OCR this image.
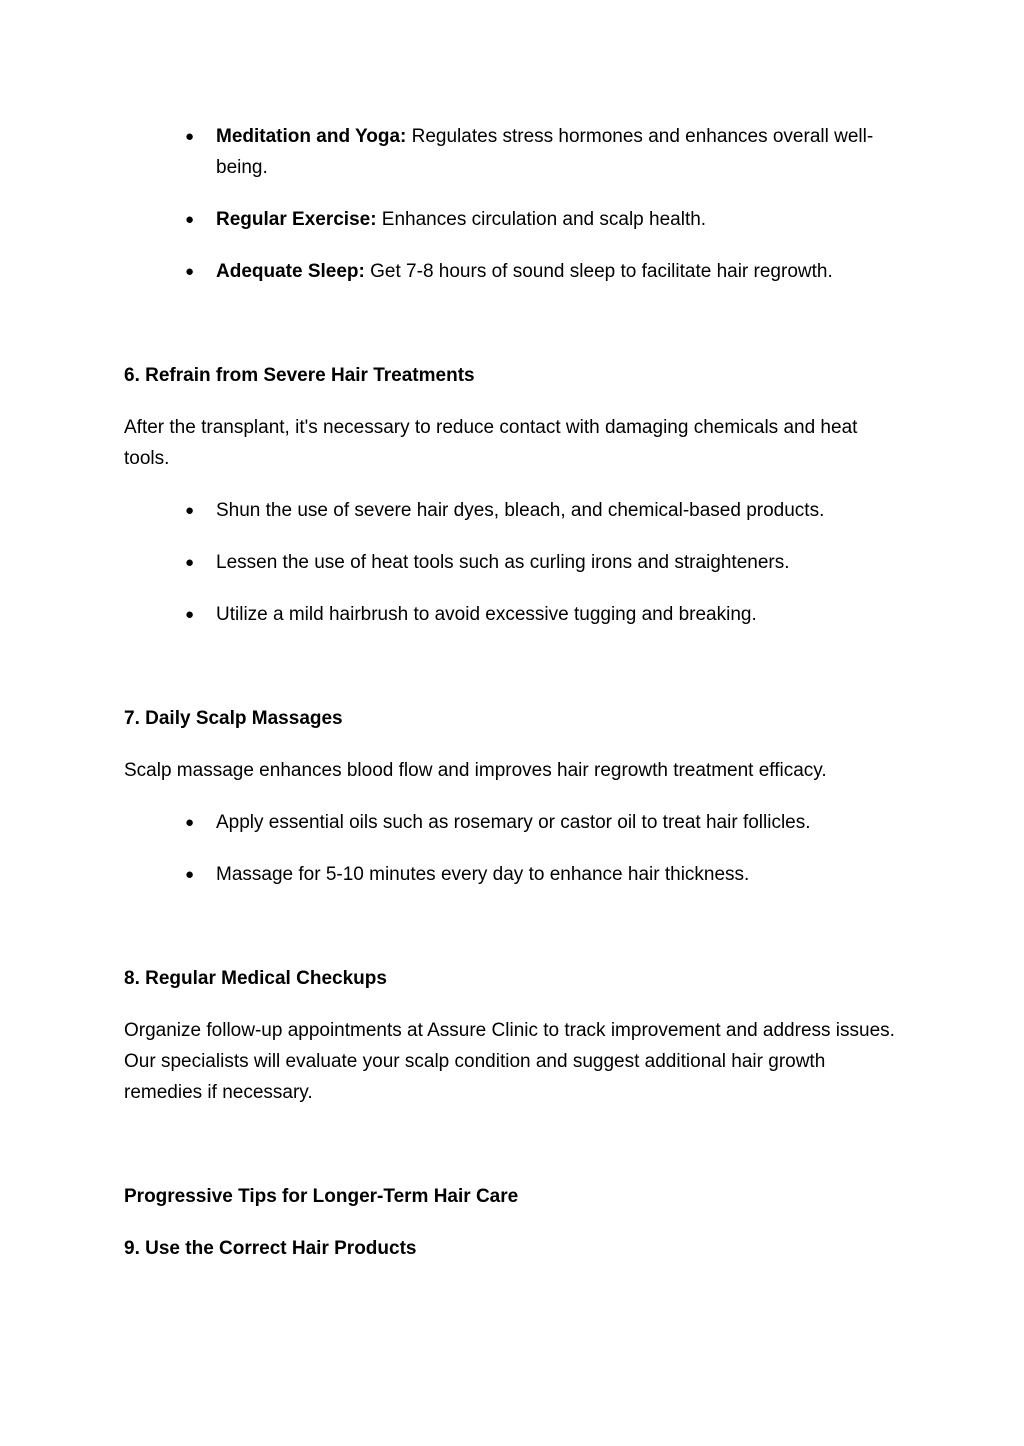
● Meditation and Yoga: Regulates stress hormones and enhances overall well-being.
● Regular Exercise: Enhances circulation and scalp health.
● Adequate Sleep: Get 7-8 hours of sound sleep to facilitate hair regrowth.
6. Refrain from Severe Hair Treatments

After the transplant, it's necessary to reduce contact with damaging chemicals and heat tools.

● Shun the use of severe hair dyes, bleach, and chemical-based products.
● Lessen the use of heat tools such as curling irons and straighteners.
● Utilize a mild hairbrush to avoid excessive tugging and breaking.
7. Daily Scalp Massages

Scalp massage enhances blood flow and improves hair regrowth treatment efficacy.

● Apply essential oils such as rosemary or castor oil to treat hair follicles.
● Massage for 5-10 minutes every day to enhance hair thickness.
8. Regular Medical Checkups

Organize follow-up appointments at Assure Clinic to track improvement and address issues. Our specialists will evaluate your scalp condition and suggest additional hair growth remedies if necessary.

Progressive Tips for Longer-Term Hair Care
9. Use the Correct Hair Products
